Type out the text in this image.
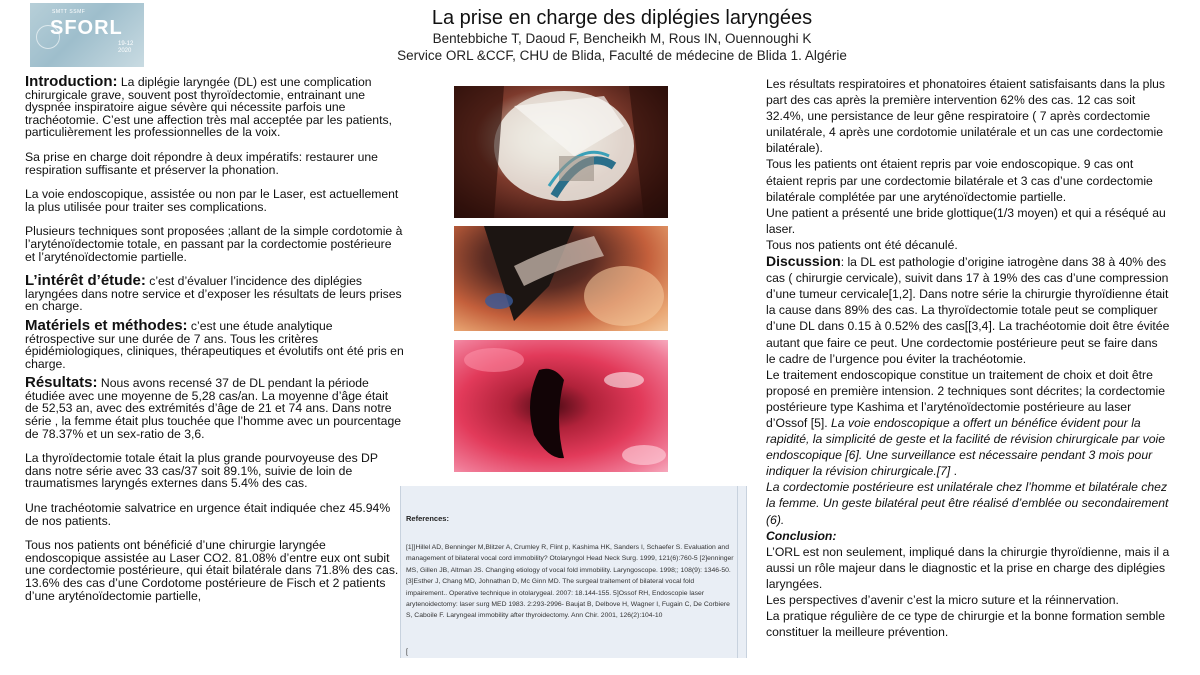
SMTT SSMF
SFORL
19-12
2020
La prise en charge des diplégies laryngées
Bentebbiche T, Daoud F, Bencheikh M, Rous IN, Ouennoughi K
Service ORL &CCF, CHU de Blida, Faculté de médecine de Blida 1. Algérie

Introduction: La diplégie laryngée (DL) est une complication chirurgicale grave, souvent post thyroïdectomie, entrainant une dyspnée inspiratoire aigue sévère qui nécessite parfois une trachéotomie. C’est une affection très mal acceptée par les patients, particulièrement les professionnelles de la voix.

Sa prise en charge doit répondre à deux impératifs: restaurer une respiration suffisante et préserver la phonation.

La voie endoscopique, assistée ou non par le Laser, est actuellement la plus utilisée pour traiter ses complications.

Plusieurs techniques sont proposées ;allant de la simple cordotomie à l’aryténoïdectomie totale, en passant par la cordectomie postérieure et l’aryténoïdectomie partielle.

L’intérêt d’étude: c’est d’évaluer l’incidence des diplégies laryngées dans notre service et d’exposer les résultats de leurs prises en charge.

Matériels et méthodes: c’est une étude analytique rétrospective sur une durée de 7 ans. Tous les critères épidémiologiques, cliniques, thérapeutiques et évolutifs ont été pris en charge.

Résultats: Nous avons recensé 37 de DL pendant la période étudiée avec une moyenne de 5,28 cas/an. La moyenne d’âge était de 52,53 an, avec des extrémités d’âge de 21 et 74 ans. Dans notre série , la femme était plus touchée que l’homme avec un pourcentage de 78.37% et un sex-ratio de 3,6.

La thyroïdectomie totale était la plus grande pourvoyeuse des DP dans notre série avec 33 cas/37 soit 89.1%, suivie de loin de traumatismes laryngés externes dans 5.4% des cas.

Une trachéotomie salvatrice en urgence était indiquée chez 45.94% de nos patients.

Tous nos patients ont bénéficié d’une chirurgie laryngée endoscopique assistée au Laser CO2. 81.08% d’entre eux ont subit une cordectomie postérieure, qui était bilatérale dans 71.8% des cas. 13.6% des cas d’une Cordotome postérieure de Fisch et 2 patients d’une aryténoïdectomie partielle,

References:
[1]]Hillel AD, Benninger M,Blitzer A, Crumley R, Flint p, Kashima HK, Sanders I, Schaefer S. Evaluation and management of bilateral vocal cord immobility? Otolaryngol Head Neck Surg. 1999, 121(6):760-5 [2]enninger MS, Gillen JB, Altman JS. Changing etiology of vocal fold immobility. Laryngoscope. 1998;; 108(9): 1346-50. [3]Esther J, Chang MD, Johnathan D, Mc Ginn MD. The surgeal traitement of bilateral vocal fold impairement.. Operative technique in otolarygeal. 2007: 18.144-155. 5]Ossof RH, Endoscopie laser arytenoidectomy: laser surg MED 1983. 2:293-2996- Baujat B, Delbove H, Wagner I, Fugain C, De Corbiere S, Caboile F. Laryngeal immobility after thyroidectomy. Ann Chir. 2001, 126(2):104-10
[

Les résultats respiratoires et phonatoires étaient satisfaisants dans la plus part des cas après la première intervention 62% des cas. 12 cas soit 32.4%, une persistance de leur gêne respiratoire ( 7 après cordectomie unilatérale, 4 après une cordotomie unilatérale et un cas une cordectomie bilatérale).

Tous les patients ont étaient repris par voie endoscopique. 9 cas ont étaient repris par une cordectomie bilatérale et 3 cas d’une cordectomie bilatérale complétée par une aryténoïdectomie partielle.

Une patient a présenté une bride glottique(1/3 moyen) et qui a réséqué au laser.

Tous nos patients ont été décanulé.

Discussion: la DL est pathologie d’origine iatrogène dans 38 à 40% des cas ( chirurgie cervicale), suivit dans 17 à 19% des cas d’une compression d’une tumeur cervicale[1,2]. Dans notre série la chirurgie thyroïdienne était la cause dans 89% des cas. La thyroïdectomie totale peut se compliquer d’une DL dans 0.15 à 0.52% des cas[[3,4]. La trachéotomie doit être évitée autant que faire ce peut. Une cordectomie postérieure peut se faire dans le cadre de l’urgence pou éviter la trachéotomie.

Le traitement endoscopique constitue un traitement de choix et doit être proposé en première intension. 2 techniques sont décrites; la cordectomie postérieure type Kashima et l’aryténoïdectomie postérieure au laser d’Ossof [5]. La voie endoscopique a offert un bénéfice évident pour la rapidité, la simplicité de geste et la facilité de révision chirurgicale par voie endoscopique [6]. Une surveillance est nécessaire pendant 3 mois pour indiquer la révision chirurgicale.[7] .

La cordectomie postérieure est unilatérale chez l’homme et bilatérale chez la femme. Un geste bilatéral peut être réalisé d’emblée ou secondairement (6).

Conclusion:

L’ORL est non seulement, impliqué dans la chirurgie thyroïdienne, mais il a aussi un rôle majeur dans le diagnostic et la prise en charge des diplégies laryngées.

Les perspectives d’avenir c’est la micro suture et la réinnervation.

La pratique régulière de ce type de chirurgie et la bonne formation semble constituer la meilleure prévention.
